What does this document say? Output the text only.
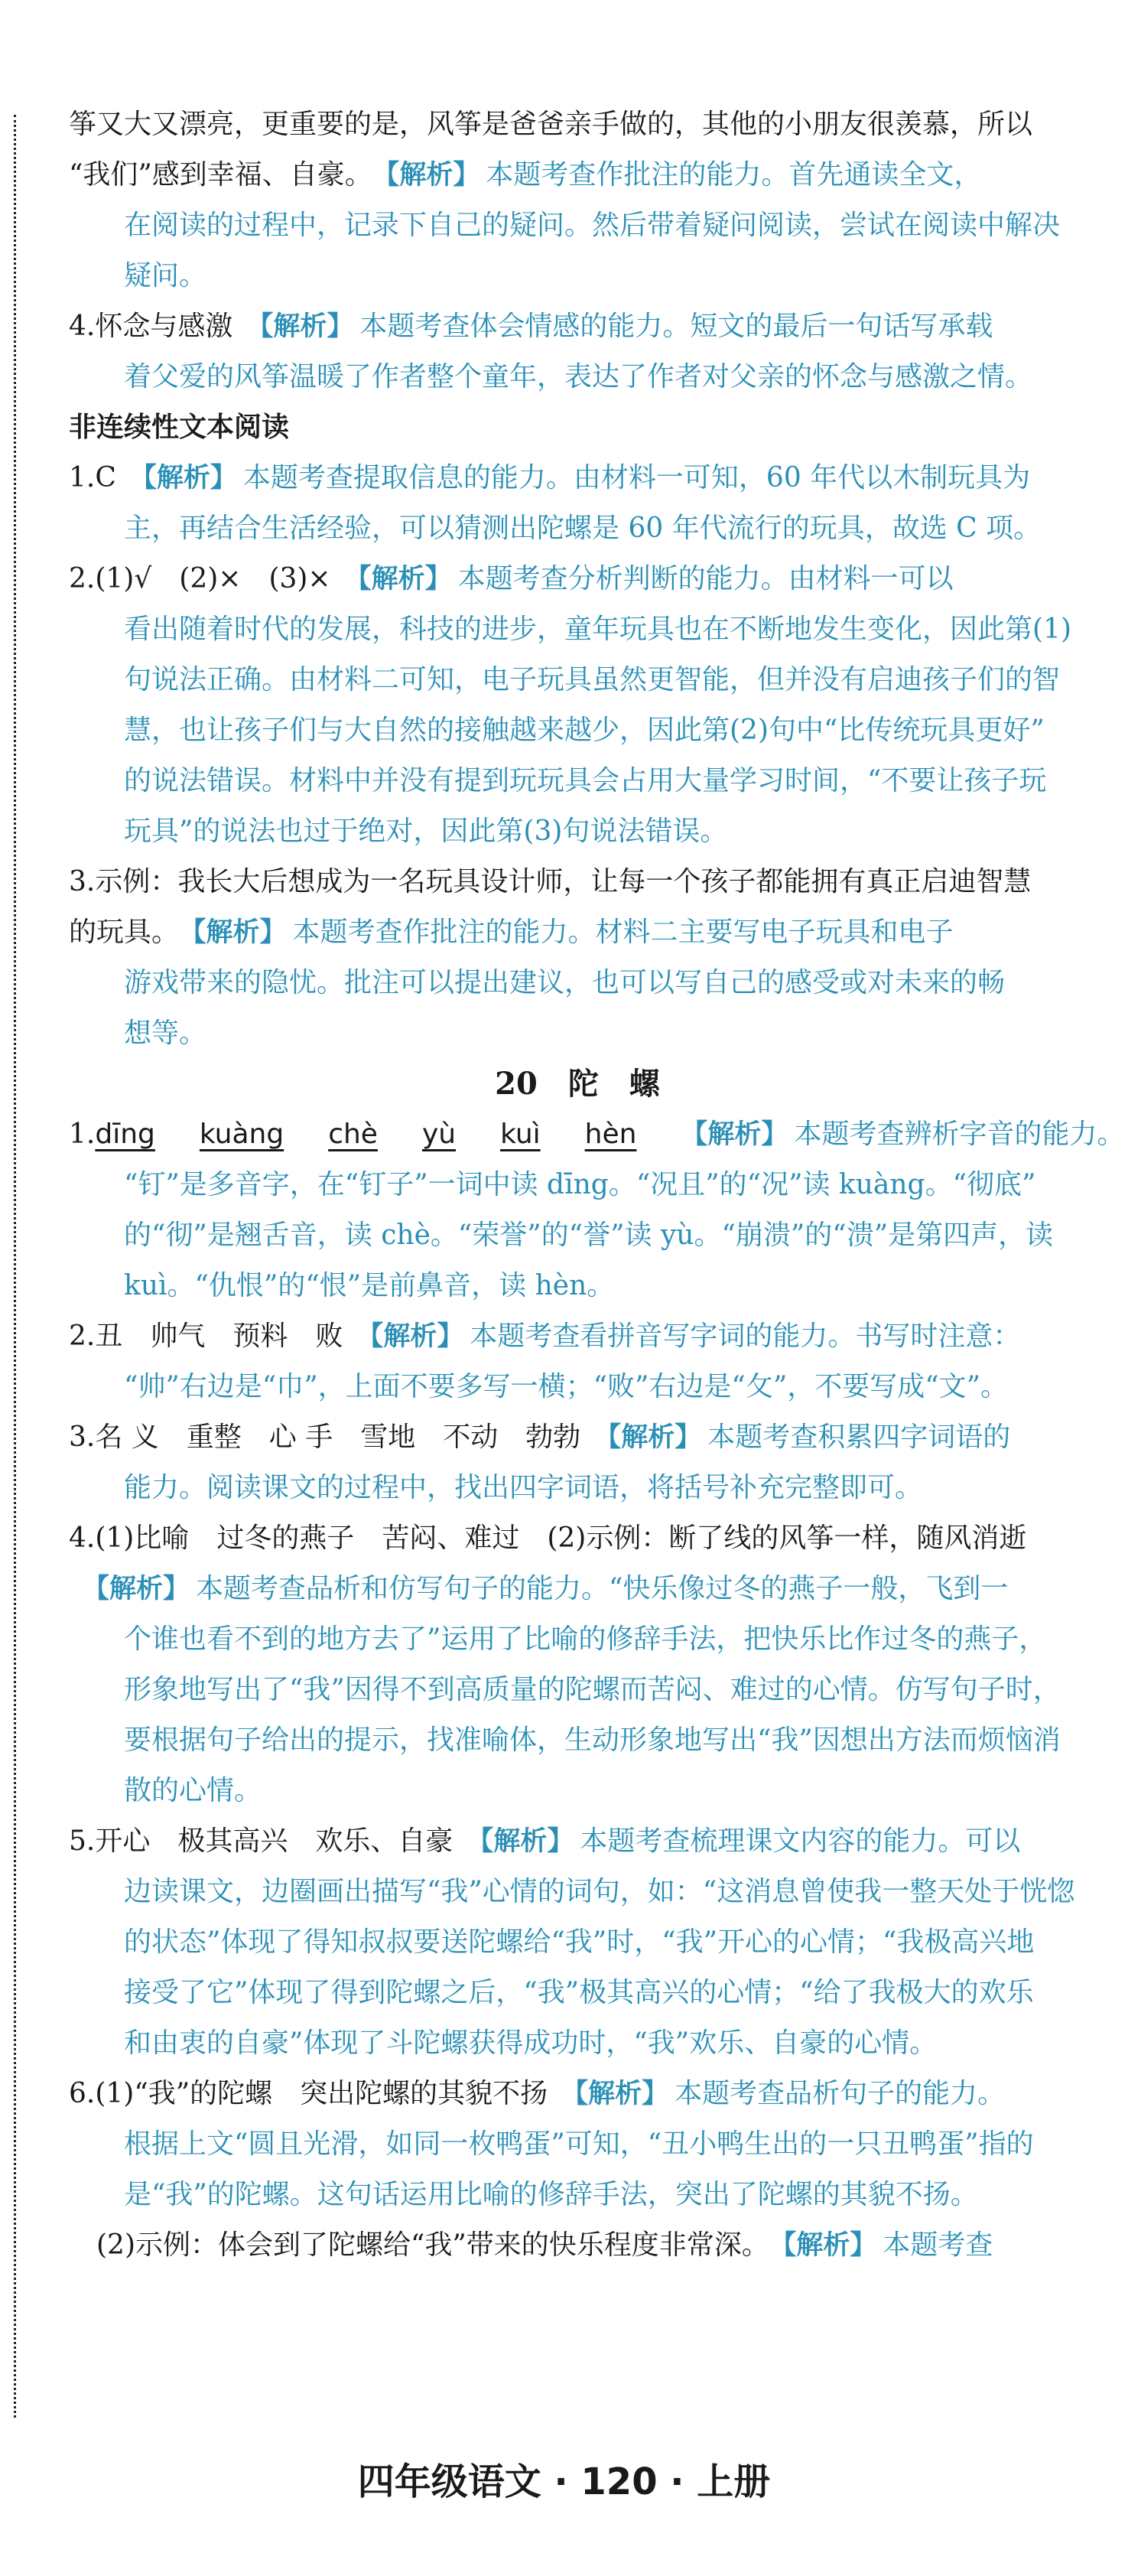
筝又大又漂亮，更重要的是，风筝是爸爸亲手做的，其他的小朋友很羡慕，所以
“我们”感到幸福、自豪。 【解析】 本题考查作批注的能力。首先通读全文，
在阅读的过程中，记录下自己的疑问。然后带着疑问阅读，尝试在阅读中解决
疑问。
4.怀念与感激 【解析】 本题考查体会情感的能力。短文的最后一句话写承载
着父爱的风筝温暖了作者整个童年，表达了作者对父亲的怀念与感激之情。
非连续性文本阅读
1.C 【解析】 本题考查提取信息的能力。由材料一可知，60 年代以木制玩具为
主，再结合生活经验，可以猜测出陀螺是 60 年代流行的玩具，故选 C 项。
2.(1)√　(2)×　(3)× 【解析】 本题考查分析判断的能力。由材料一可以
看出随着时代的发展，科技的进步，童年玩具也在不断地发生变化，因此第(1)
句说法正确。由材料二可知，电子玩具虽然更智能，但并没有启迪孩子们的智
慧，也让孩子们与大自然的接触越来越少，因此第(2)句中“比传统玩具更好”
的说法错误。材料中并没有提到玩玩具会占用大量学习时间，“不要让孩子玩
玩具”的说法也过于绝对，因此第(3)句说法错误。
3.示例：我长大后想成为一名玩具设计师，让每一个孩子都能拥有真正启迪智慧
的玩具。 【解析】 本题考查作批注的能力。材料二主要写电子玩具和电子
游戏带来的隐忧。批注可以提出建议，也可以写自己的感受或对未来的畅
想等。
20　陀　螺
1.dīng kuàng chè yù kuì hèn 【解析】 本题考查辨析字音的能力。
“钉”是多音字，在“钉子”一词中读 dīng。“况且”的“况”读 kuàng。“彻底”
的“彻”是翘舌音，读 chè。“荣誉”的“誉”读 yù。“崩溃”的“溃”是第四声，读
kuì。“仇恨”的“恨”是前鼻音，读 hèn。
2.丑　帅气　预料　败 【解析】 本题考查看拼音写字词的能力。书写时注意：
“帅”右边是“巾”，上面不要多写一横；“败”右边是“攵”，不要写成“文”。
3.名 义　重整　心 手　雪地　不动　勃勃 【解析】 本题考查积累四字词语的
能力。阅读课文的过程中，找出四字词语，将括号补充完整即可。
4.(1)比喻　过冬的燕子　苦闷、难过　(2)示例：断了线的风筝一样，随风消逝
【解析】 本题考查品析和仿写句子的能力。“快乐像过冬的燕子一般，飞到一
个谁也看不到的地方去了”运用了比喻的修辞手法，把快乐比作过冬的燕子，
形象地写出了“我”因得不到高质量的陀螺而苦闷、难过的心情。仿写句子时，
要根据句子给出的提示，找准喻体，生动形象地写出“我”因想出方法而烦恼消
散的心情。
5.开心　极其高兴　欢乐、自豪 【解析】 本题考查梳理课文内容的能力。可以
边读课文，边圈画出描写“我”心情的词句，如：“这消息曾使我一整天处于恍惚
的状态”体现了得知叔叔要送陀螺给“我”时，“我”开心的心情；“我极高兴地
接受了它”体现了得到陀螺之后，“我”极其高兴的心情；“给了我极大的欢乐
和由衷的自豪”体现了斗陀螺获得成功时，“我”欢乐、自豪的心情。
6.(1)“我”的陀螺　突出陀螺的其貌不扬 【解析】 本题考查品析句子的能力。
根据上文“圆且光滑，如同一枚鸭蛋”可知，“丑小鸭生出的一只丑鸭蛋”指的
是“我”的陀螺。这句话运用比喻的修辞手法，突出了陀螺的其貌不扬。
　(2)示例：体会到了陀螺给“我”带来的快乐程度非常深。 【解析】 本题考查
四年级语文 · 120 · 上册
